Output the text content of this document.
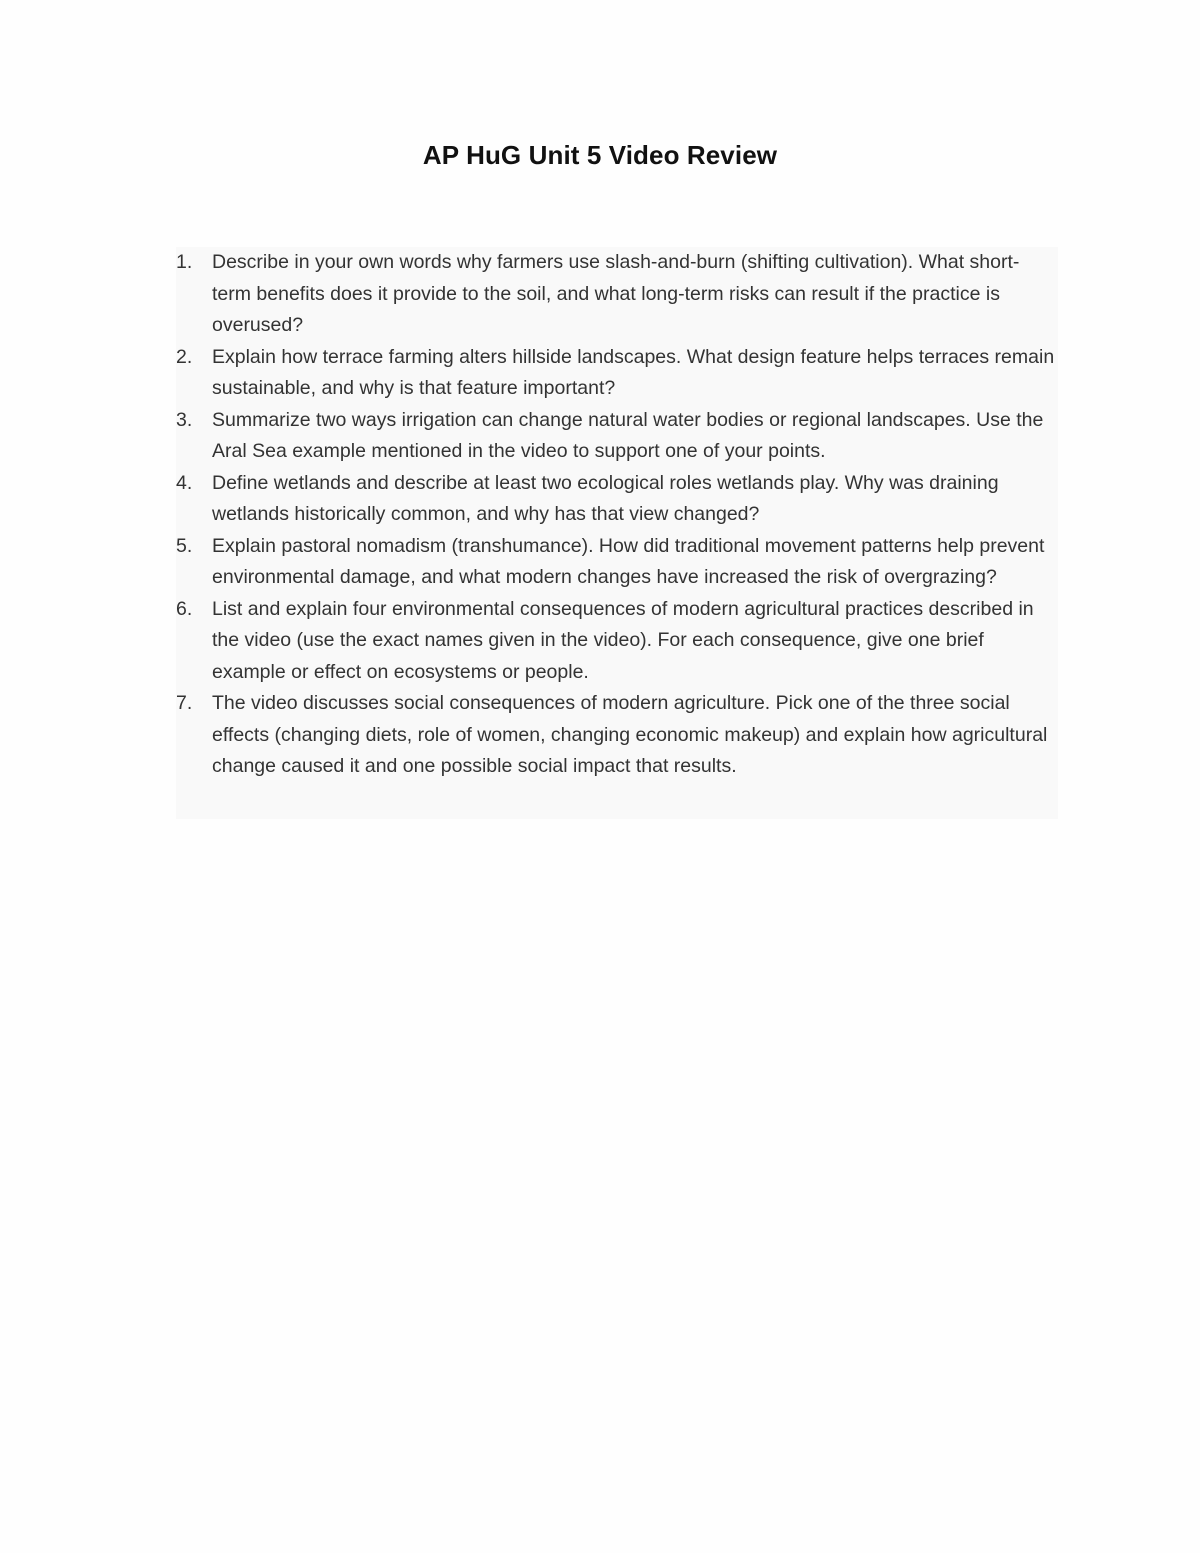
AP HuG Unit 5 Video Review
1.	Describe in your own words why farmers use slash-and-burn (shifting cultivation). What short-term benefits does it provide to the soil, and what long-term risks can result if the practice is overused?
2.	Explain how terrace farming alters hillside landscapes. What design feature helps terraces remain sustainable, and why is that feature important?
3.	Summarize two ways irrigation can change natural water bodies or regional landscapes. Use the Aral Sea example mentioned in the video to support one of your points.
4.	Define wetlands and describe at least two ecological roles wetlands play. Why was draining wetlands historically common, and why has that view changed?
5.	Explain pastoral nomadism (transhumance). How did traditional movement patterns help prevent environmental damage, and what modern changes have increased the risk of overgrazing?
6.	List and explain four environmental consequences of modern agricultural practices described in the video (use the exact names given in the video). For each consequence, give one brief example or effect on ecosystems or people.
7.	The video discusses social consequences of modern agriculture. Pick one of the three social effects (changing diets, role of women, changing economic makeup) and explain how agricultural change caused it and one possible social impact that results.
